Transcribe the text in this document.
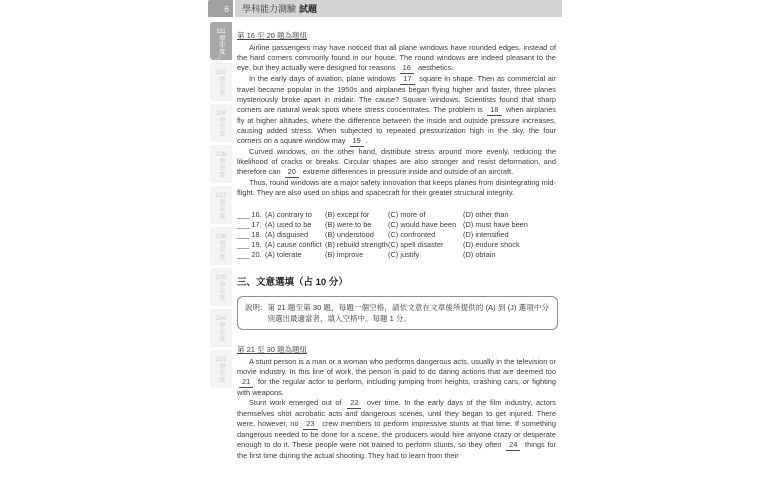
6	學科能力測驗 試題
111
學年度
☝
110
學年度
109
學年度
108
學年度
107
學年度
106
學年度
105
學年度
104
學年度
103
學年度
第 16 至 20 題為題組

Airline passengers may have noticed that all plane windows have rounded edges, instead of the hard corners commonly found in our house. The round windows are indeed pleasant to the eye, but they actually were designed for reasons 16 aesthetics.

In the early days of aviation, plane windows 17 square in shape. Then as commercial air travel became popular in the 1950s and airplanes began flying higher and faster, three planes mysteriously broke apart in midair. The cause? Square windows. Scientists found that sharp corners are natural weak spots where stress concentrates. The problem is 18 when airplanes fly at higher altitudes, where the difference between the inside and outside pressure increases, causing added stress. When subjected to repeated pressurization high in the sky, the four corners on a square window may 19 .

Curved windows, on the other hand, distribute stress around more evenly, reducing the likelihood of cracks or breaks. Circular shapes are also stronger and resist deformation, and therefore can 20 extreme differences in pressure inside and outside of an aircraft.

Thus, round windows are a major safety innovation that keeps planes from disintegrating mid-flight. They are also used on ships and spacecraft for their greater structural integrity.

___ 16. (A) contrary to	(B) except for	(C) more of	(D) other than
___ 17. (A) used to be	(B) were to be	(C) would have been (D) must have been
___ 18. (A) disguised	(B) understood	(C) confronted	(D) intensified
___ 19. (A) cause conflict (B) rebuild strength (C) spell disaster	(D) endure shock
___ 20. (A) tolerate	(B) improve	(C) justify	(D) obtain
三、文意選填（占 10 分）
說明： 第 21 題至第 30 題，每題一個空格，請依文意在文章後所提供的 (A) 到 (J) 選項中分別選出最適當者，填入空格中。每題 1 分。
第 21 至 30 題為題組

A stunt person is a man or a woman who performs dangerous acts, usually in the television or movie industry. In this line of work, the person is paid to do daring actions that are deemed too 21 for the regular actor to perform, including jumping from heights, crashing cars, or fighting with weapons.

Stunt work emerged out of 22 over time. In the early days of the film industry, actors themselves shot acrobatic acts and dangerous scenes, until they began to get injured. There were, however, no 23 crew members to perform impressive stunts at that time. If something dangerous needed to be done for a scene, the producers would hire anyone crazy or desperate enough to do it. These people were not trained to perform stunts, so they often 24 things for the first time during the actual shooting. They had to learn from their
